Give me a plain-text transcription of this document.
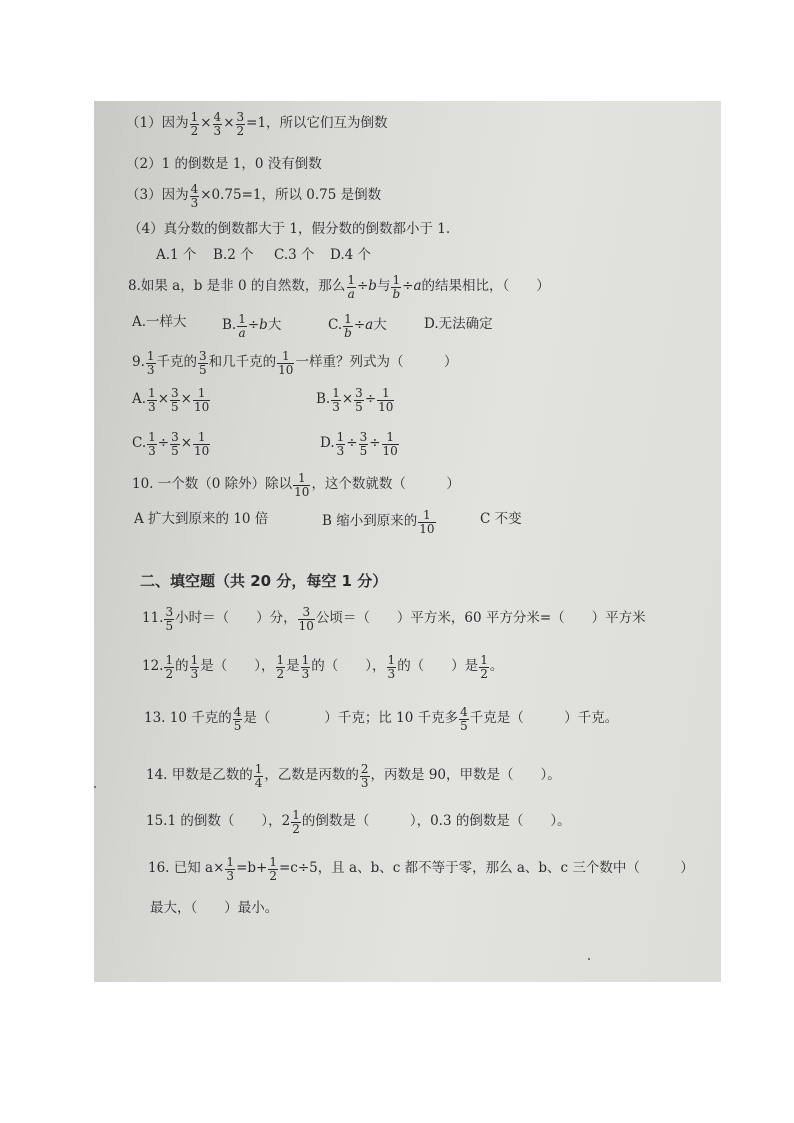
（1）因为 $\frac{1}{2} \times \frac{4}{3} \times \frac{3}{2} =1$，所以它们互为倒数
（2）1 的倒数是 1，0 没有倒数
（3）因为 $\frac{4}{3} \times 0.75=1$，所以 0.75 是倒数
（4）真分数的倒数都大于 1，假分数的倒数都小于 1.
A.1 个 B.2 个 C.3 个 D.4 个
8.如果 a，b 是非 0 的自然数，那么 $\frac{1}{a} \div b$ 与 $\frac{1}{b} \div a$ 的结果相比，（　　）
A.一样大	B. $\frac{1}{a} \div b$ 大	C. $\frac{1}{b} \div a$ 大	D.无法确定
9. 1
3 千克的 3
5 和几千克的 1
10 一样重？列式为（　　　）
A. 1
3 × 3
5 × 1
10	B. 1
3 × 3
5 ÷ 1
10
C. 1
3 ÷ 3
5 × 1
10	D. 1
3 ÷ 3
5 ÷ 1
10
10. 一个数（0 除外）除以 1
10 ，这个数就数（　　　）
A 扩大到原来的 10 倍	B 缩小到原来的 1
10
C 不变
二、填空题（共 20 分，每空 1 分）
11. 3
5 小时＝（　　）分， 3
10 公顷＝（　　）平方米，60 平方分米=（　　）平方米
12. 1
2 的 1
3 是（　　）， 1
2 是 1
3 的（　　）， 1
3 的（　　）是 1
2 。
13. 10 千克的 4
5 是（　　　　）千克；比 10 千克多 4
5 千克是（　　　）千克。
14. 甲数是乙数的 1
4 ，乙数是丙数的 2
3 ，丙数是 90，甲数是（　　）。
15.1 的倒数（　　）， 2 1
2 的倒数是（　　　），0.3 的倒数是（　　）。
16. 已知 $a\times \frac{1}{3} =b+ \frac{1}{2} =c\div 5$，且 a、b、c 都不等于零，那么 a、b、c 三个数中（　　　）
最大，（　　）最小。
